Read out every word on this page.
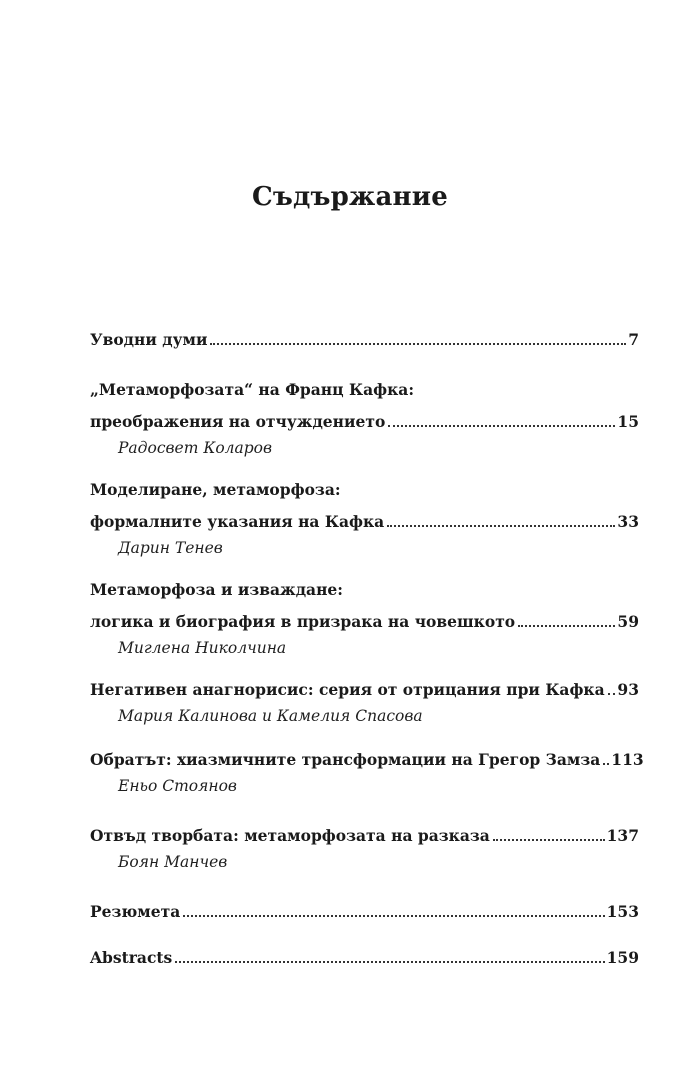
Съдържание
Уводни думи	7
„Метаморфозата“ на Франц Кафка:
преображения на отчуждението	15
Радосвет Коларов
Моделиране, метаморфоза:
формалните указания на Кафка	33
Дарин Тенев
Метаморфоза и изваждане:
логика и биография в призрака на човешкото	59
Миглена Николчина
Негативен анагнорисис: серия от отрицания при Кафка 93
Мария Калинова и Камелия Спасова
Обратът: хиазмичните трансформации на Грегор Замза 113
Еньо Стоянов
Отвъд творбата: метаморфозата на разказа	137
Боян Манчев
Резюмета	153
Abstracts	159
